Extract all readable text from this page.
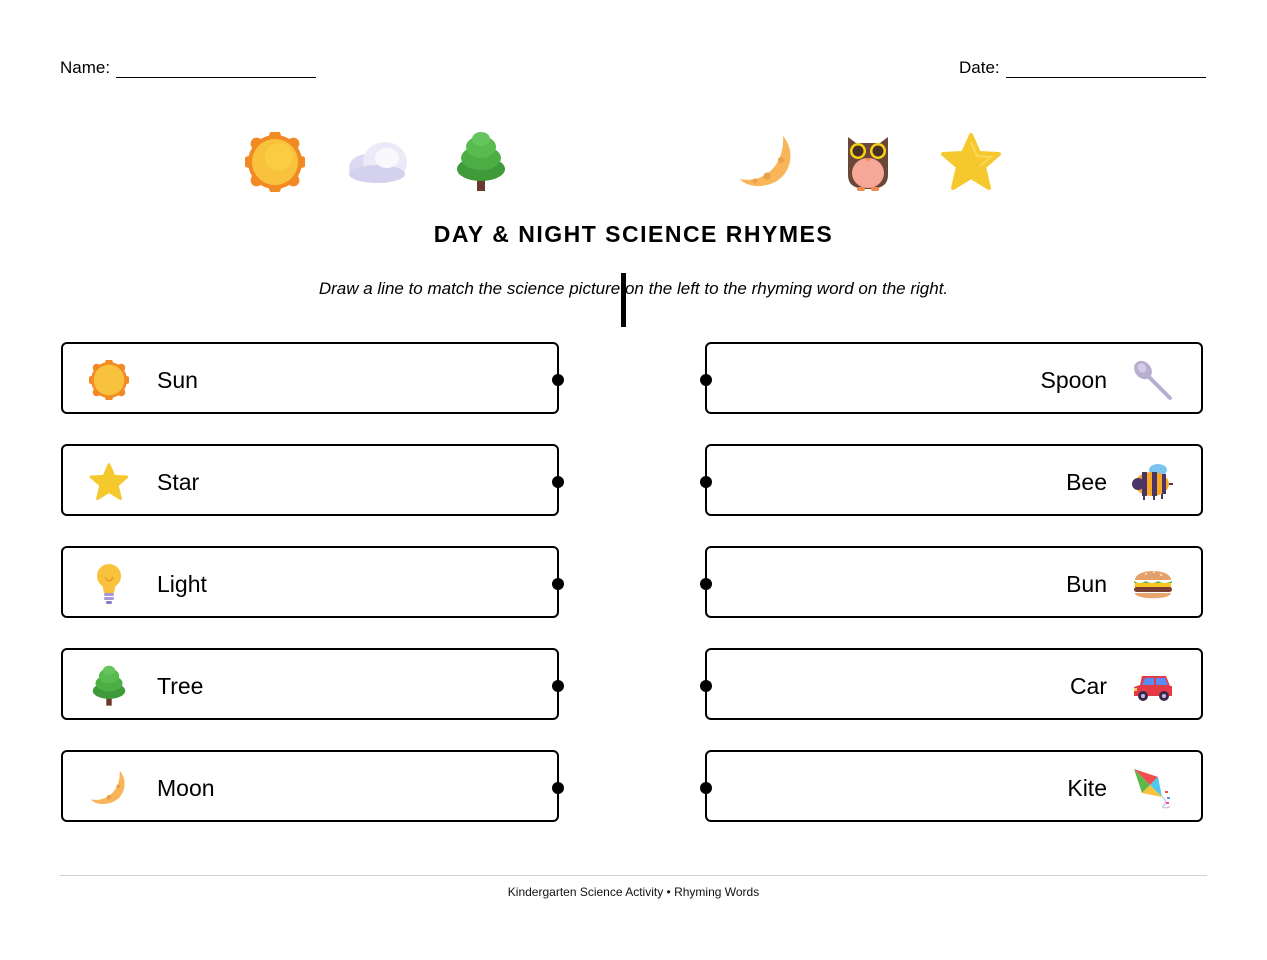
Name:	Date:
DAY & NIGHT SCIENCE RHYMES
Draw a line to match the science picture on the left to the rhyming word on the right.
Sun
Star
Light
Tree
Moon
Spoon
Bee
Bun
Car
Kite
Kindergarten Science Activity • Rhyming Words
